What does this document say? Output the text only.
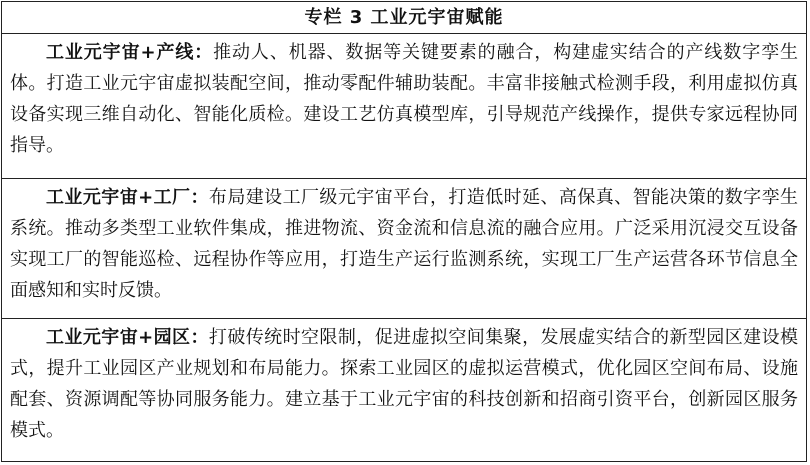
专栏 3 工业元宇宙赋能
工业元宇宙+产线：推动人、机器、数据等关键要素的融合，构建虚实结合的产线数字孪生体。打造工业元宇宙虚拟装配空间，推动零配件辅助装配。丰富非接触式检测手段，利用虚拟仿真设备实现三维自动化、智能化质检。建设工艺仿真模型库，引导规范产线操作，提供专家远程协同指导。
工业元宇宙+工厂：布局建设工厂级元宇宙平台，打造低时延、高保真、智能决策的数字孪生系统。推动多类型工业软件集成，推进物流、资金流和信息流的融合应用。广泛采用沉浸交互设备实现工厂的智能巡检、远程协作等应用，打造生产运行监测系统，实现工厂生产运营各环节信息全面感知和实时反馈。
工业元宇宙+园区：打破传统时空限制，促进虚拟空间集聚，发展虚实结合的新型园区建设模式，提升工业园区产业规划和布局能力。探索工业园区的虚拟运营模式，优化园区空间布局、设施配套、资源调配等协同服务能力。建立基于工业元宇宙的科技创新和招商引资平台，创新园区服务模式。
